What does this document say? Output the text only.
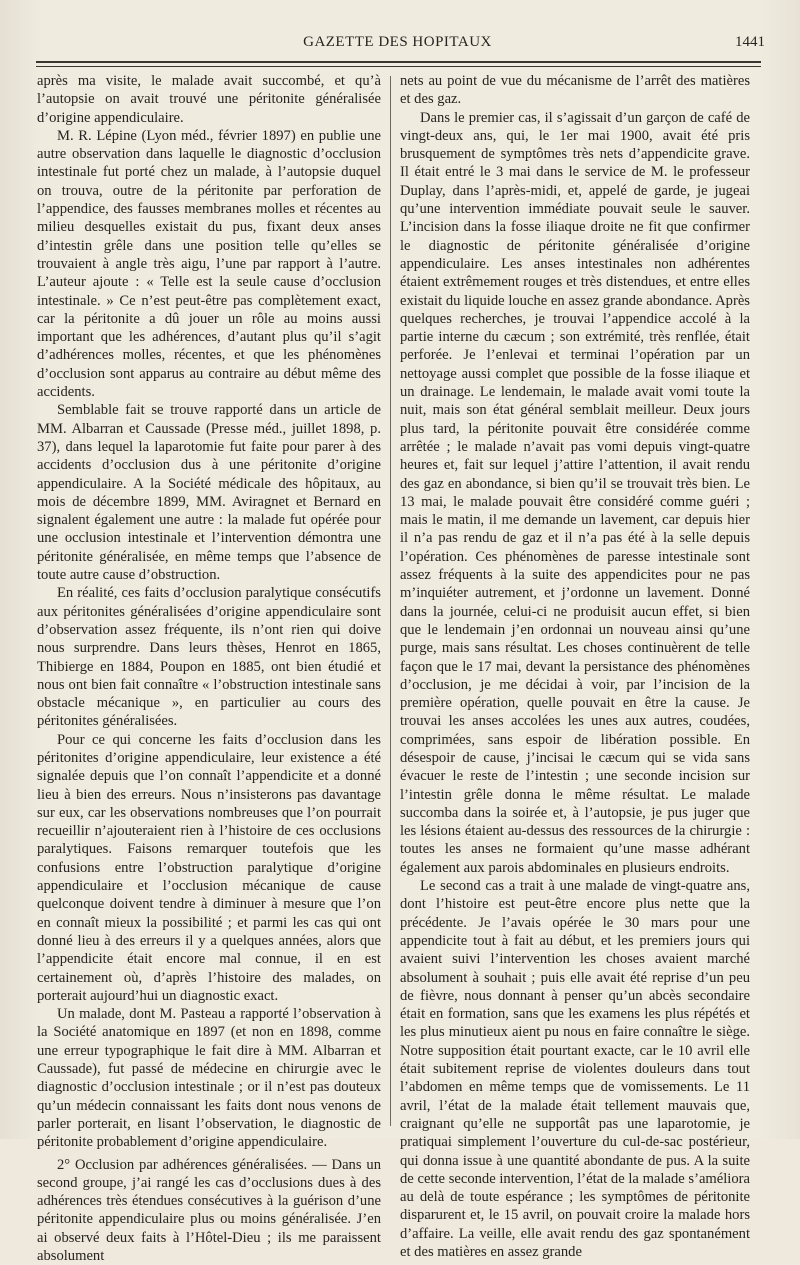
GAZETTE DES HOPITAUX	1441

après ma visite, le malade avait succombé, et qu’à l’autopsie on avait trouvé une péritonite généralisée d’origine appendiculaire.

M. R. Lépine (Lyon méd., février 1897) en publie une autre observation dans laquelle le diagnostic d’occlusion intestinale fut porté chez un malade, à l’autopsie duquel on trouva, outre de la péritonite par perforation de l’appendice, des fausses membranes molles et récentes au milieu desquelles existait du pus, fixant deux anses d’intestin grêle dans une position telle qu’elles se trouvaient à angle très aigu, l’une par rapport à l’autre. L’auteur ajoute : « Telle est la seule cause d’occlusion intestinale. » Ce n’est peut-être pas complètement exact, car la péritonite a dû jouer un rôle au moins aussi important que les adhérences, d’autant plus qu’il s’agit d’adhérences molles, récentes, et que les phénomènes d’occlusion sont apparus au contraire au début même des accidents.

Semblable fait se trouve rapporté dans un article de MM. Albarran et Caussade (Presse méd., juillet 1898, p. 37), dans lequel la laparotomie fut faite pour parer à des accidents d’occlusion dus à une péritonite d’origine appendiculaire. A la Société médicale des hôpitaux, au mois de décembre 1899, MM. Aviragnet et Bernard en signalent également une autre : la malade fut opérée pour une occlusion intestinale et l’intervention démontra une péritonite généralisée, en même temps que l’absence de toute autre cause d’obstruction.

En réalité, ces faits d’occlusion paralytique consécutifs aux péritonites généralisées d’origine appendiculaire sont d’observation assez fréquente, ils n’ont rien qui doive nous surprendre. Dans leurs thèses, Henrot en 1865, Thibierge en 1884, Poupon en 1885, ont bien étudié et nous ont bien fait connaître « l’obstruction intestinale sans obstacle mécanique », en particulier au cours des péritonites généralisées.

Pour ce qui concerne les faits d’occlusion dans les péritonites d’origine appendiculaire, leur existence a été signalée depuis que l’on connaît l’appendicite et a donné lieu à bien des erreurs. Nous n’insisterons pas davantage sur eux, car les observations nombreuses que l’on pourrait recueillir n’ajouteraient rien à l’histoire de ces occlusions paralytiques. Faisons remarquer toutefois que les confusions entre l’obstruction paralytique d’origine appendiculaire et l’occlusion mécanique de cause quelconque doivent tendre à diminuer à mesure que l’on en connaît mieux la possibilité ; et parmi les cas qui ont donné lieu à des erreurs il y a quelques années, alors que l’appendicite était encore mal connue, il en est certainement où, d’après l’histoire des malades, on porterait aujourd’hui un diagnostic exact.

Un malade, dont M. Pasteau a rapporté l’observation à la Société anatomique en 1897 (et non en 1898, comme une erreur typographique le fait dire à MM. Albarran et Caussade), fut passé de médecine en chirurgie avec le diagnostic d’occlusion intestinale ; or il n’est pas douteux qu’un médecin connaissant les faits dont nous venons de parler porterait, en lisant l’observation, le diagnostic de péritonite probablement d’origine appendiculaire.

2° Occlusion par adhérences généralisées. — Dans un second groupe, j’ai rangé les cas d’occlusions dues à des adhérences très étendues consécutives à la guérison d’une péritonite appendiculaire plus ou moins généralisée. J’en ai observé deux faits à l’Hôtel-Dieu ; ils me paraissent absolument

nets au point de vue du mécanisme de l’arrêt des matières et des gaz.

Dans le premier cas, il s’agissait d’un garçon de café de vingt-deux ans, qui, le 1er mai 1900, avait été pris brusquement de symptômes très nets d’appendicite grave. Il était entré le 3 mai dans le service de M. le professeur Duplay, dans l’après-midi, et, appelé de garde, je jugeai qu’une intervention immédiate pouvait seule le sauver. L’incision dans la fosse iliaque droite ne fit que confirmer le diagnostic de péritonite généralisée d’origine appendiculaire. Les anses intestinales non adhérentes étaient extrêmement rouges et très distendues, et entre elles existait du liquide louche en assez grande abondance. Après quelques recherches, je trouvai l’appendice accolé à la partie interne du cæcum ; son extrémité, très renflée, était perforée. Je l’enlevai et terminai l’opération par un nettoyage aussi complet que possible de la fosse iliaque et un drainage. Le lendemain, le malade avait vomi toute la nuit, mais son état général semblait meilleur. Deux jours plus tard, la péritonite pouvait être considérée comme arrêtée ; le malade n’avait pas vomi depuis vingt-quatre heures et, fait sur lequel j’attire l’attention, il avait rendu des gaz en abondance, si bien qu’il se trouvait très bien. Le 13 mai, le malade pouvait être considéré comme guéri ; mais le matin, il me demande un lavement, car depuis hier il n’a pas rendu de gaz et il n’a pas été à la selle depuis l’opération. Ces phénomènes de paresse intestinale sont assez fréquents à la suite des appendicites pour ne pas m’inquiéter autrement, et j’ordonne un lavement. Donné dans la journée, celui-ci ne produisit aucun effet, si bien que le lendemain j’en ordonnai un nouveau ainsi qu’une purge, mais sans résultat. Les choses continuèrent de telle façon que le 17 mai, devant la persistance des phénomènes d’occlusion, je me décidai à voir, par l’incision de la première opération, quelle pouvait en être la cause. Je trouvai les anses accolées les unes aux autres, coudées, comprimées, sans espoir de libération possible. En désespoir de cause, j’incisai le cæcum qui se vida sans évacuer le reste de l’intestin ; une seconde incision sur l’intestin grêle donna le même résultat. Le malade succomba dans la soirée et, à l’autopsie, je pus juger que les lésions étaient au-dessus des ressources de la chirurgie : toutes les anses ne formaient qu’une masse adhérant également aux parois abdominales en plusieurs endroits.

Le second cas a trait à une malade de vingt-quatre ans, dont l’histoire est peut-être encore plus nette que la précédente. Je l’avais opérée le 30 mars pour une appendicite tout à fait au début, et les premiers jours qui avaient suivi l’intervention les choses avaient marché absolument à souhait ; puis elle avait été reprise d’un peu de fièvre, nous donnant à penser qu’un abcès secondaire était en formation, sans que les examens les plus répétés et les plus minutieux aient pu nous en faire connaître le siège. Notre supposition était pourtant exacte, car le 10 avril elle était subitement reprise de violentes douleurs dans tout l’abdomen en même temps que de vomissements. Le 11 avril, l’état de la malade était tellement mauvais que, craignant qu’elle ne supportât pas une laparotomie, je pratiquai simplement l’ouverture du cul-de-sac postérieur, qui donna issue à une quantité abondante de pus. A la suite de cette seconde intervention, l’état de la malade s’améliora au delà de toute espérance ; les symptômes de péritonite disparurent et, le 15 avril, on pouvait croire la malade hors d’affaire. La veille, elle avait rendu des gaz spontanément et des matières en assez grande
